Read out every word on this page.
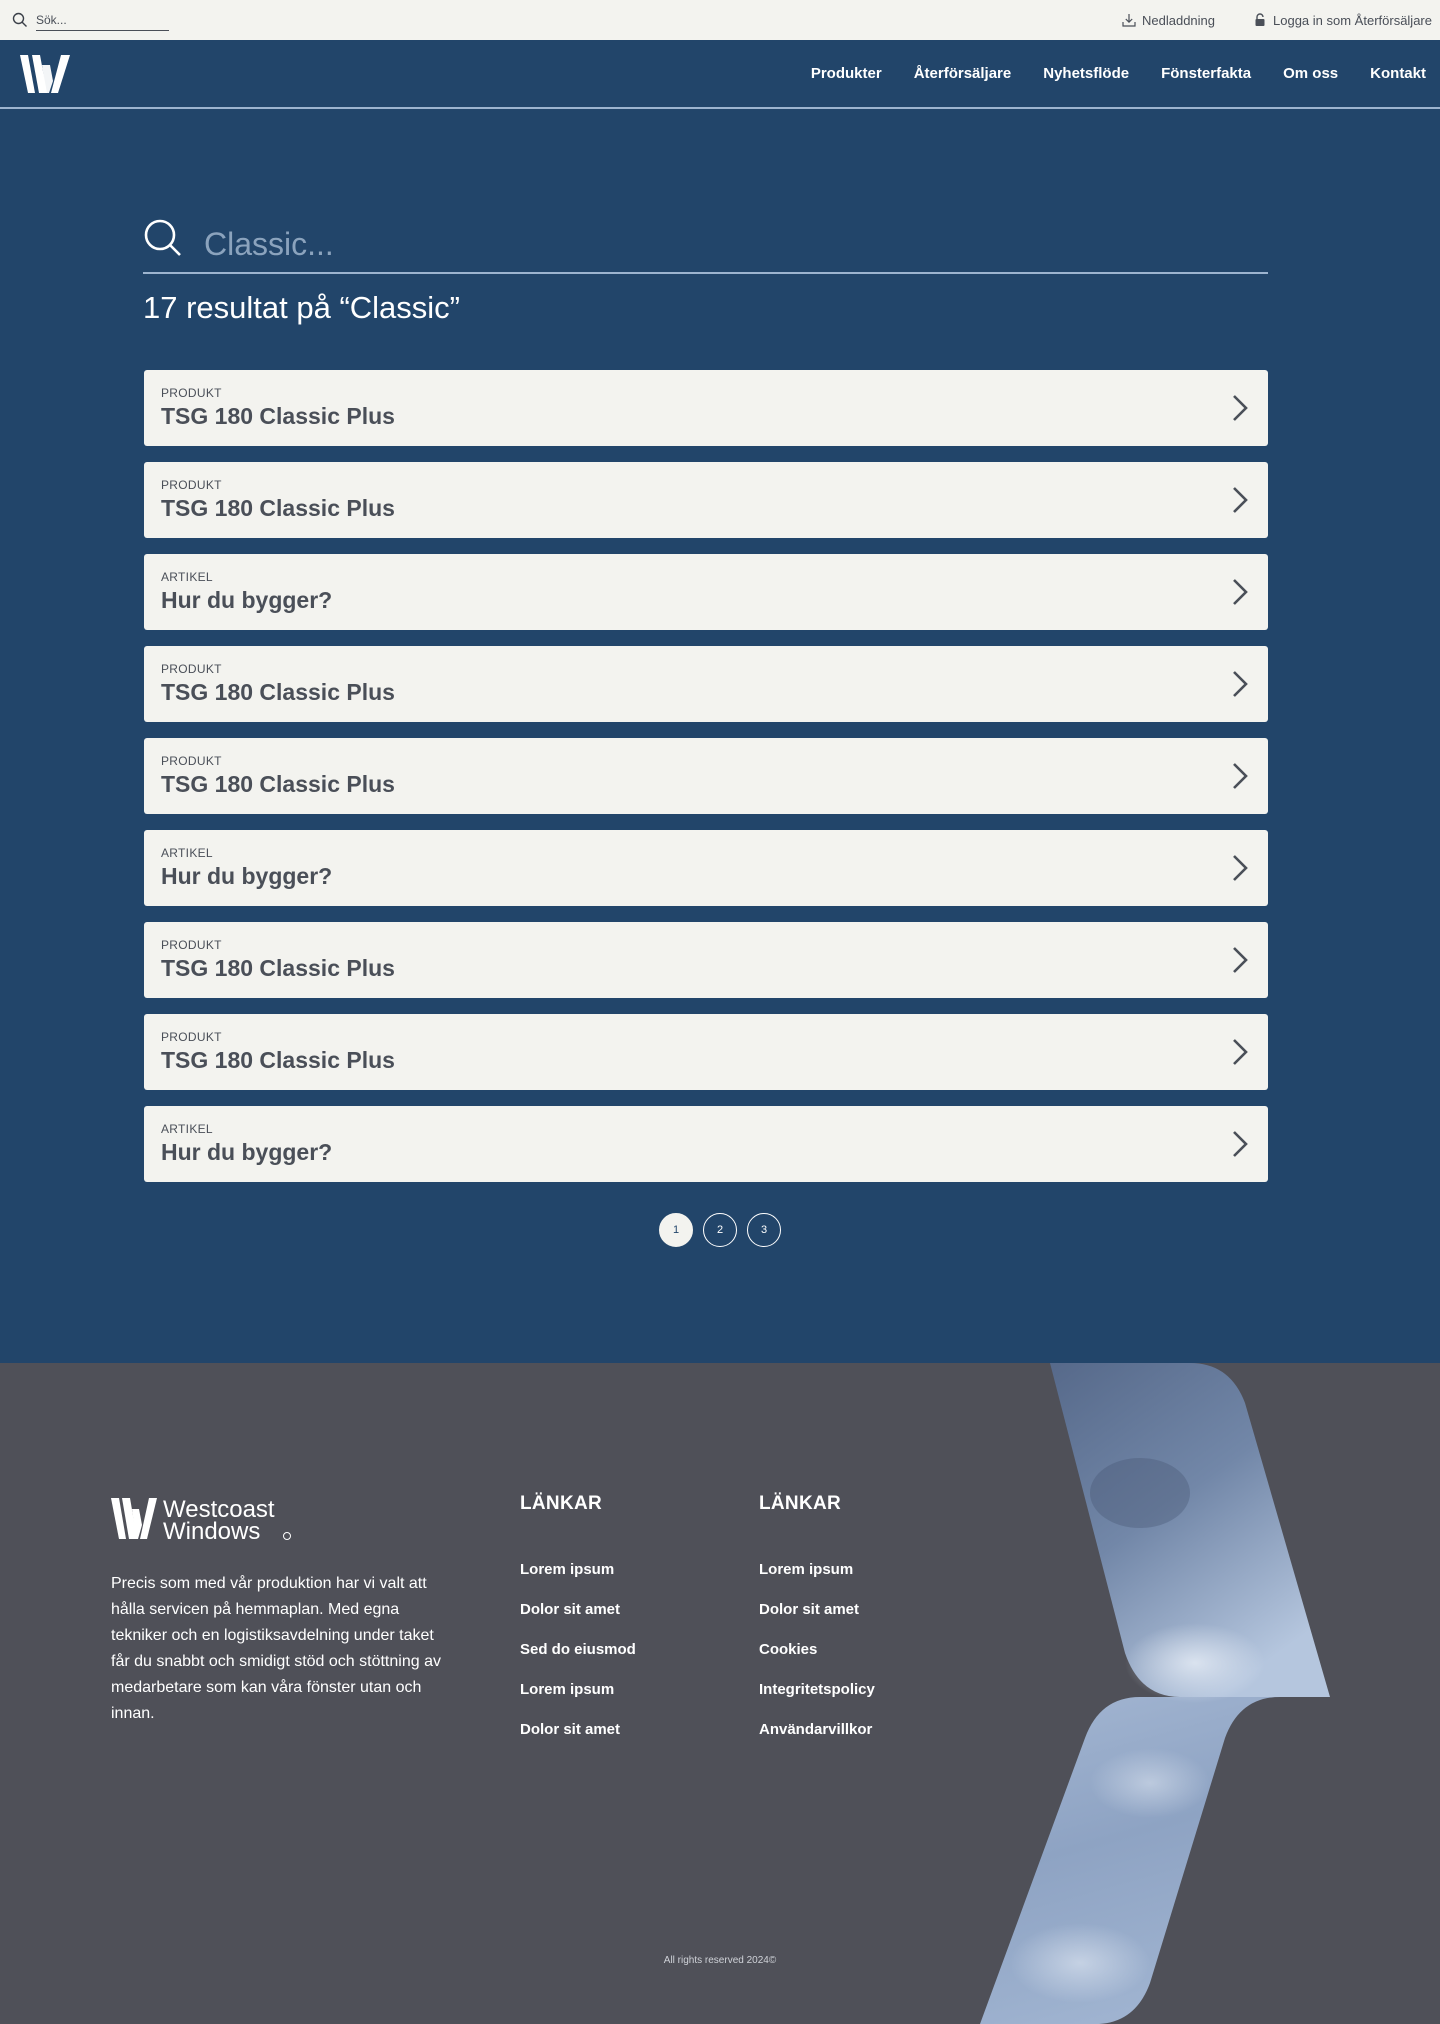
Sök...
Nedladdning	Logga in som Återförsäljare
Produkter Återförsäljare Nyhetsflöde Fönsterfakta Om oss Kontakt
Classic...
17 resultat på “Classic”
PRODUKT
TSG 180 Classic Plus
PRODUKT
TSG 180 Classic Plus
ARTIKEL
Hur du bygger?
PRODUKT
TSG 180 Classic Plus
PRODUKT
TSG 180 Classic Plus
ARTIKEL
Hur du bygger?
PRODUKT
TSG 180 Classic Plus
PRODUKT
TSG 180 Classic Plus
ARTIKEL
Hur du bygger?
1	2	3
Westcoast
Windows

Precis som med vår produktion har vi valt att hålla servicen på hemmaplan. Med egna tekniker och en logistiksavdelning under taket får du snabbt och smidigt stöd och stöttning av medarbetare som kan våra fönster utan och innan.

LÄNKAR
Lorem ipsum
Dolor sit amet
Sed do eiusmod
Lorem ipsum
Dolor sit amet
LÄNKAR
Lorem ipsum
Dolor sit amet
Cookies
Integritetspolicy
Användarvillkor
All rights reserved 2024©
